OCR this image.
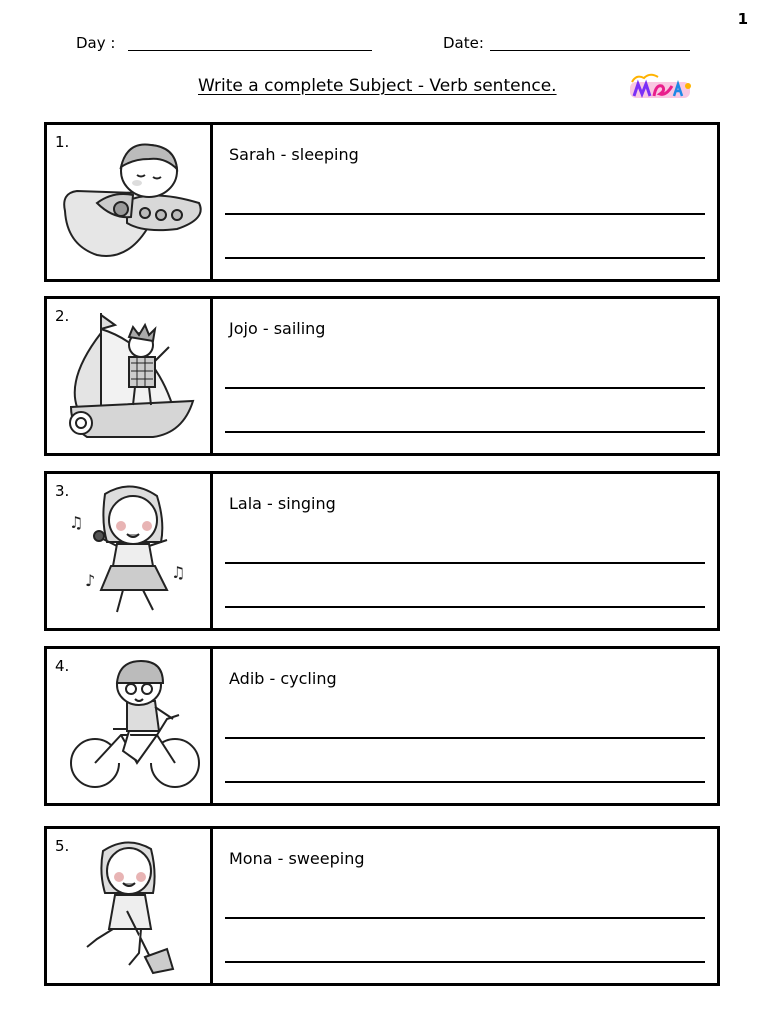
1
Day :	Date:
Write a complete Subject - Verb sentence.
1.
Sarah - sleeping
2.
Jojo - sailing
3.
♫
♪	♫
Lala - singing
4.
Adib - cycling
5.
Mona - sweeping
